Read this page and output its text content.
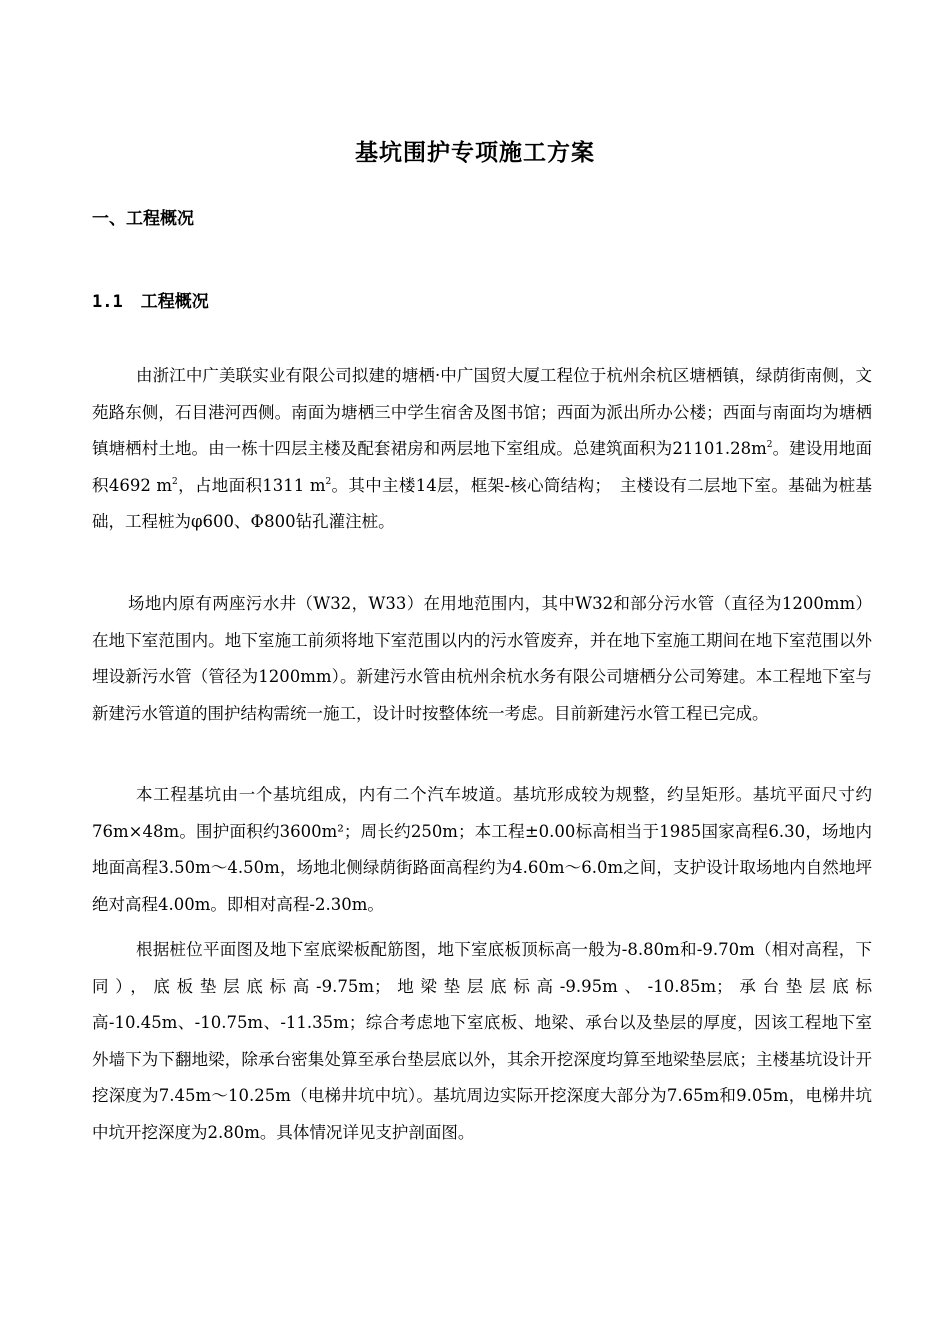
基坑围护专项施工方案
一、工程概况
1.1 工程概况

由浙江中广美联实业有限公司拟建的塘栖·中广国贸大厦工程位于杭州余杭区塘栖镇，绿荫街南侧，文苑路东侧，石目港河西侧。南面为塘栖三中学生宿舍及图书馆；西面为派出所办公楼；西面与南面均为塘栖镇塘栖村土地。由一栋十四层主楼及配套裙房和两层地下室组成。总建筑面积为$21101.28m^2$。建设用地面积4692 $m^2$，占地面积1311 $m^2$。其中主楼14层，框架-核心筒结构；　主楼设有二层地下室。基础为桩基础，工程桩为φ600、Φ800钻孔灌注桩。

场地内原有两座污水井（W32，W33）在用地范围内，其中W32和部分污水管（直径为1200mm）在地下室范围内。地下室施工前须将地下室范围以内的污水管废弃，并在地下室施工期间在地下室范围以外埋设新污水管（管径为1200mm）。新建污水管由杭州余杭水务有限公司塘栖分公司筹建。本工程地下室与新建污水管道的围护结构需统一施工，设计时按整体统一考虑。目前新建污水管工程已完成。

本工程基坑由一个基坑组成，内有二个汽车坡道。基坑形成较为规整，约呈矩形。基坑平面尺寸约76m×48m。围护面积约3600m²；周长约250m；本工程±0.00标高相当于1985国家高程6.30，场地内地面高程3.50m～4.50m，场地北侧绿荫街路面高程约为4.60m～6.0m之间，支护设计取场地内自然地坪绝对高程4.00m。即相对高程-2.30m。

根据桩位平面图及地下室底梁板配筋图，地下室底板顶标高一般为-8.80m和-9.70m（相对高程，下同），底板垫层底标高-9.75m；地梁垫层底标高-9.95m、-10.85m；承台垫层底标高-10.45m、-10.75m、-11.35m；综合考虑地下室底板、地梁、承台以及垫层的厚度，因该工程地下室外墙下为下翻地梁，除承台密集处算至承台垫层底以外，其余开挖深度均算至地梁垫层底；主楼基坑设计开挖深度为7.45m～10.25m（电梯井坑中坑）。基坑周边实际开挖深度大部分为7.65m和9.05m，电梯井坑中坑开挖深度为2.80m。具体情况详见支护剖面图。
